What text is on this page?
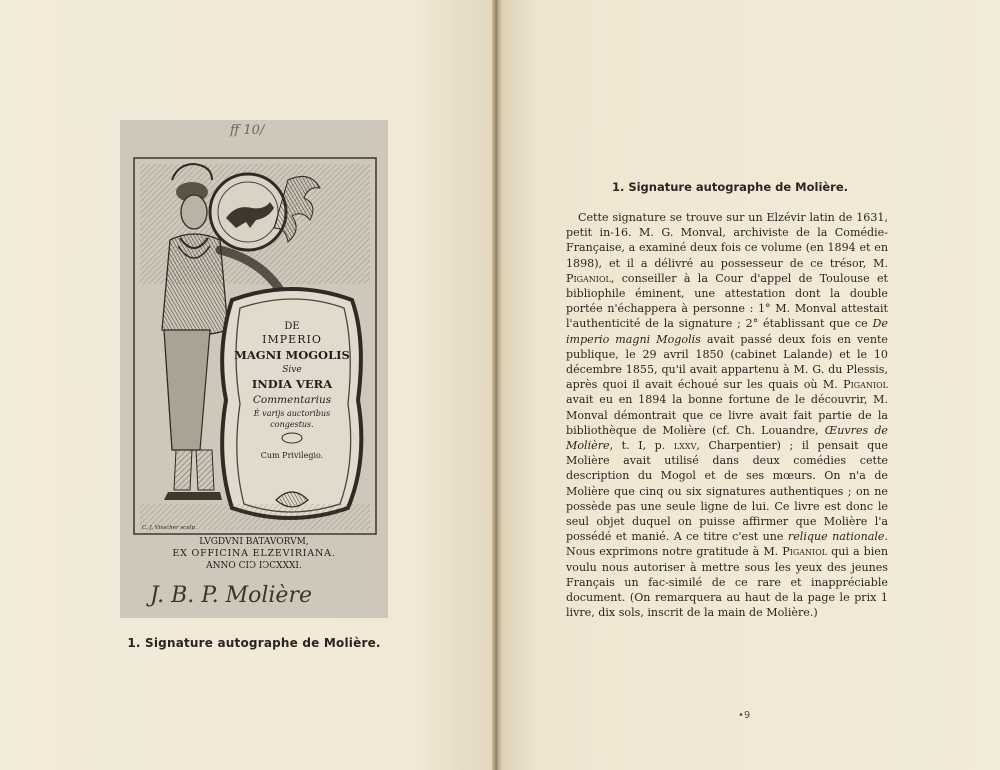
DE
IMPERIO
MAGNI MOGOLIS
Sive
INDIA VERA
Commentarius
È varijs auctoribus
congestus.
Cum Privilegio.
C. J. Visscher sculp.
LVGDVNI BATAVORVM,
EX OFFICINA ELZEVIRIANA.
ANNO CIↃ IↃCXXXI.
ff 10/
J. B. P. Molière
1. Signature autographe de Molière.
1. Signature autographe de Molière.

Cette signature se trouve sur un Elzévir latin de 1631, petit in-16. M. G. Monval, archiviste de la Comédie-Française, a examiné deux fois ce volume (en 1894 et en 1898), et il a délivré au possesseur de ce trésor, M. Piganiol, conseiller à la Cour d'appel de Toulouse et bibliophile éminent, une attestation dont la double portée n'échappera à personne : 1° M. Monval attestait l'authenticité de la signature ; 2° établissant que ce De imperio magni Mogolis avait passé deux fois en vente publique, le 29 avril 1850 (cabinet Lalande) et le 10 décembre 1855, qu'il avait appartenu à M. G. du Plessis, après quoi il avait échoué sur les quais où M. Piganiol avait eu en 1894 la bonne fortune de le découvrir, M. Monval démontrait que ce livre avait fait partie de la bibliothèque de Molière (cf. Ch. Louandre, Œuvres de Molière, t. I, p. lxxv, Charpentier) ; il pensait que Molière avait utilisé dans deux comédies cette description du Mogol et de ses mœurs. On n'a de Molière que cinq ou six signatures authentiques ; on ne possède pas une seule ligne de lui. Ce livre est donc le seul objet duquel on puisse affirmer que Molière l'a possédé et manié. A ce titre c'est une relique nationale. Nous exprimons notre gratitude à M. Piganiol qui a bien voulu nous autoriser à mettre sous les yeux des jeunes Français un fac-similé de ce rare et inappréciable document. (On remarquera au haut de la page le prix 1 livre, dix sols, inscrit de la main de Molière.)

•9
